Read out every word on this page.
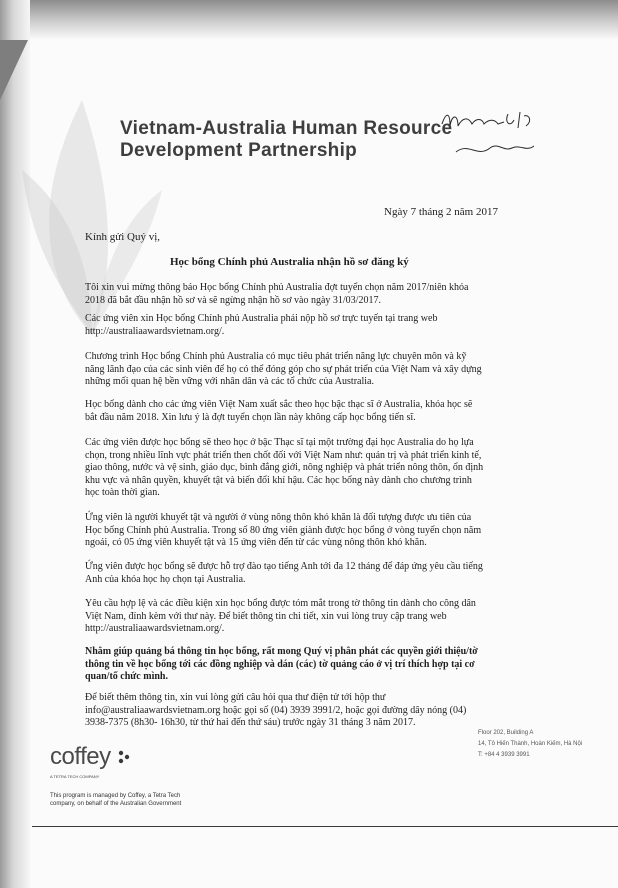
Vietnam-Australia Human Resource
Development Partnership
Ngày 7 tháng 2 năm 2017
Kính gửi Quý vị,
Học bổng Chính phủ Australia nhận hồ sơ đăng ký

Tôi xin vui mừng thông báo Học bổng Chính phủ Australia đợt tuyển chọn năm 2017/niên khóa 2018 đã bắt đầu nhận hồ sơ và sẽ ngừng nhận hồ sơ vào ngày 31/03/2017.

Các ứng viên xin Học bổng Chính phủ Australia phải nộp hồ sơ trực tuyến tại trang web http://australiaawardsvietnam.org/.

Chương trình Học bổng Chính phủ Australia có mục tiêu phát triển năng lực chuyên môn và kỹ năng lãnh đạo của các sinh viên để họ có thể đóng góp cho sự phát triển của Việt Nam và xây dựng những mối quan hệ bền vững với nhân dân và các tổ chức của Australia.

Học bổng dành cho các ứng viên Việt Nam xuất sắc theo học bậc thạc sĩ ở Australia, khóa học sẽ bắt đầu năm 2018. Xin lưu ý là đợt tuyển chọn lần này không cấp học bổng tiến sĩ.

Các ứng viên được học bổng sẽ theo học ở bậc Thạc sĩ tại một trường đại học Australia do họ lựa chọn, trong nhiều lĩnh vực phát triển then chốt đối với Việt Nam như: quản trị và phát triển kinh tế, giao thông, nước và vệ sinh, giáo dục, bình đẳng giới, nông nghiệp và phát triển nông thôn, ổn định khu vực và nhân quyền, khuyết tật và biến đổi khí hậu. Các học bổng này dành cho chương trình học toàn thời gian.

Ứng viên là người khuyết tật và người ở vùng nông thôn khó khăn là đối tượng được ưu tiên của Học bổng Chính phủ Australia. Trong số 80 ứng viên giành được học bổng ở vòng tuyển chọn năm ngoái, có 05 ứng viên khuyết tật và 15 ứng viên đến từ các vùng nông thôn khó khăn.

Ứng viên được học bổng sẽ được hỗ trợ đào tạo tiếng Anh tới đa 12 tháng để đáp ứng yêu cầu tiếng Anh của khóa học họ chọn tại Australia.

Yêu cầu hợp lệ và các điều kiện xin học bổng được tóm mắt trong tờ thông tin dành cho công dân Việt Nam, đính kèm với thư này. Để biết thông tin chi tiết, xin vui lòng truy cập trang web http://australiaawardsvietnam.org/.

Nhằm giúp quảng bá thông tin học bổng, rất mong Quý vị phân phát các quyền giới thiệu/tờ thông tin về học bổng tới các đồng nghiệp và dán (các) tờ quảng cáo ở vị trí thích hợp tại cơ quan/tổ chức mình.

Để biết thêm thông tin, xin vui lòng gửi câu hỏi qua thư điện tử tới hộp thư info@australiaawardsvietnam.org hoặc gọi số (04) 3939 3991/2, hoặc gọi đường dây nóng (04) 3938-7375 (8h30- 16h30, từ thứ hai đến thứ sáu) trước ngày 31 tháng 3 năm 2017.

coffey
A TETRA TECH COMPANY
This program is managed by Coffey, a Tetra Tech
company, on behalf of the Australian Government
Floor 202, Building A
14, Tô Hiến Thành, Hoàn Kiếm, Hà Nội
T: +84 4 3939 3991
